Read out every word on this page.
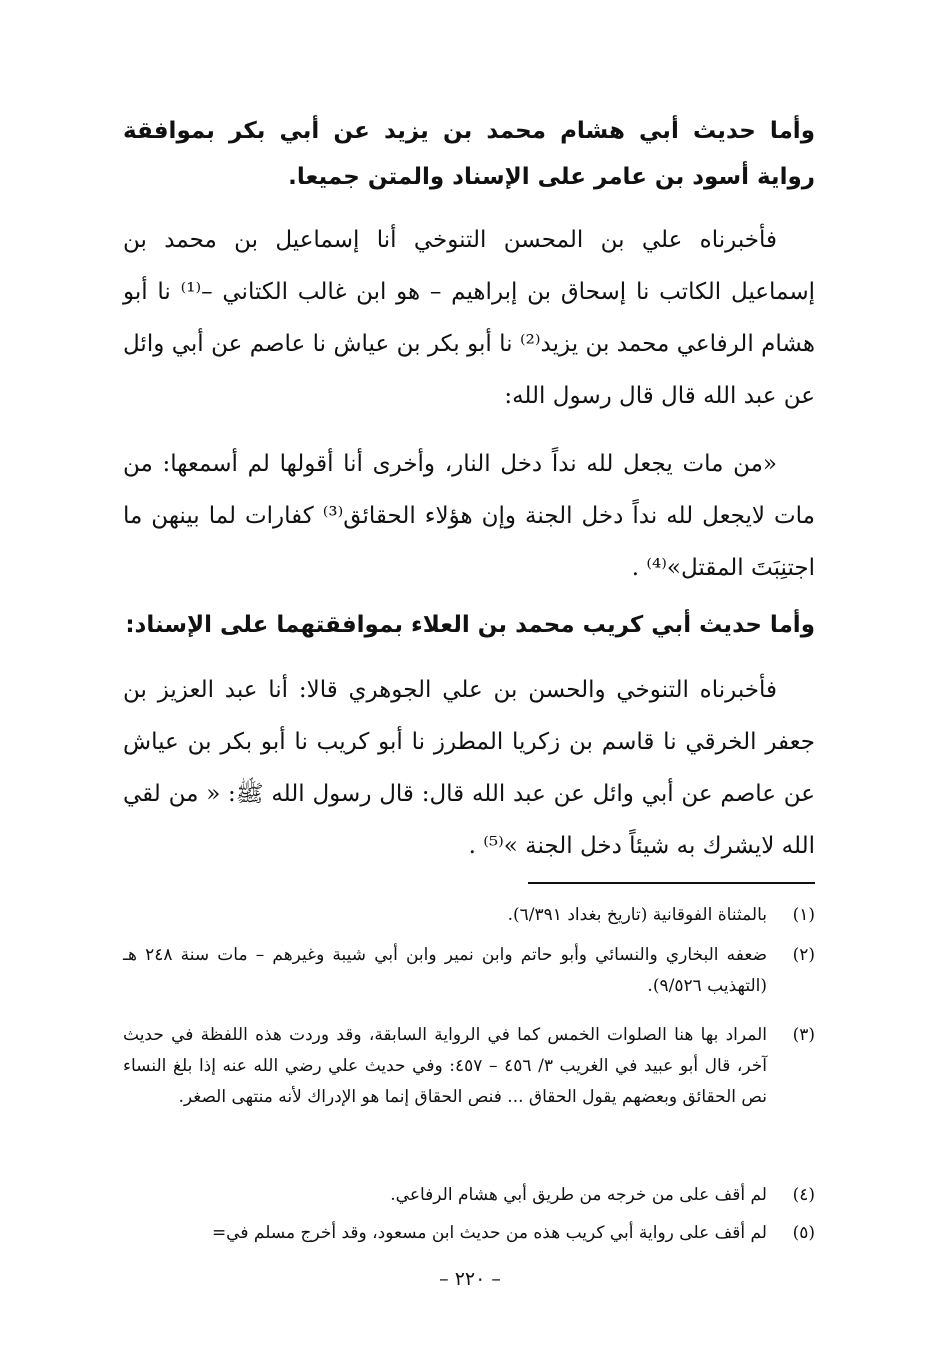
وأما حديث أبي هشام محمد بن يزيد عن أبي بكر بموافقة رواية أسود بن عامر على الإسناد والمتن جميعا.
فأخبرناه علي بن المحسن التنوخي أنا إسماعيل بن محمد بن إسماعيل الكاتب نا إسحاق بن إبراهيم – هو ابن غالب الكتاني –⁽¹⁾ نا أبو هشام الرفاعي محمد بن يزيد⁽²⁾ نا أبو بكر بن عياش نا عاصم عن أبي وائل عن عبد الله قال قال رسول الله:
«من مات يجعل لله نداً دخل النار، وأخرى أنا أقولها لم أسمعها: من مات لايجعل لله نداً دخل الجنة وإن هؤلاء الحقائق⁽³⁾ كفارات لما بينهن ما اجتنِبَتَ المقتل»⁽⁴⁾ .
وأما حديث أبي كريب محمد بن العلاء بموافقتهما على الإسناد:
فأخبرناه التنوخي والحسن بن علي الجوهري قالا: أنا عبد العزيز بن جعفر الخرقي نا قاسم بن زكريا المطرز نا أبو كريب نا أبو بكر بن عياش عن عاصم عن أبي وائل عن عبد الله قال: قال رسول الله ﷺ: « من لقي الله لايشرك به شيئاً دخل الجنة »⁽⁵⁾ .
(١)
بالمثناة الفوقانية (تاريخ بغداد ٦/٣٩١).
(٢)
ضعفه البخاري والنسائي وأبو حاتم وابن نمير وابن أبي شيبة وغيرهم – مات سنة ٢٤٨ هـ (التهذيب ٩/٥٢٦).
(٣)
المراد بها هنا الصلوات الخمس كما في الرواية السابقة، وقد وردت هذه اللفظة في حديث آخر، قال أبو عبيد في الغريب ٣/ ٤٥٦ – ٤٥٧: وفي حديث علي رضي الله عنه إذا بلغ النساء نص الحقائق وبعضهم يقول الحقاق ... فنص الحقاق إنما هو الإدراك لأنه منتهى الصغر.
(٤)
لم أقف على من خرجه من طريق أبي هشام الرفاعي.
(٥)
لم أقف على رواية أبي كريب هذه من حديث ابن مسعود، وقد أخرج مسلم في=
– ٢٢٠ –
